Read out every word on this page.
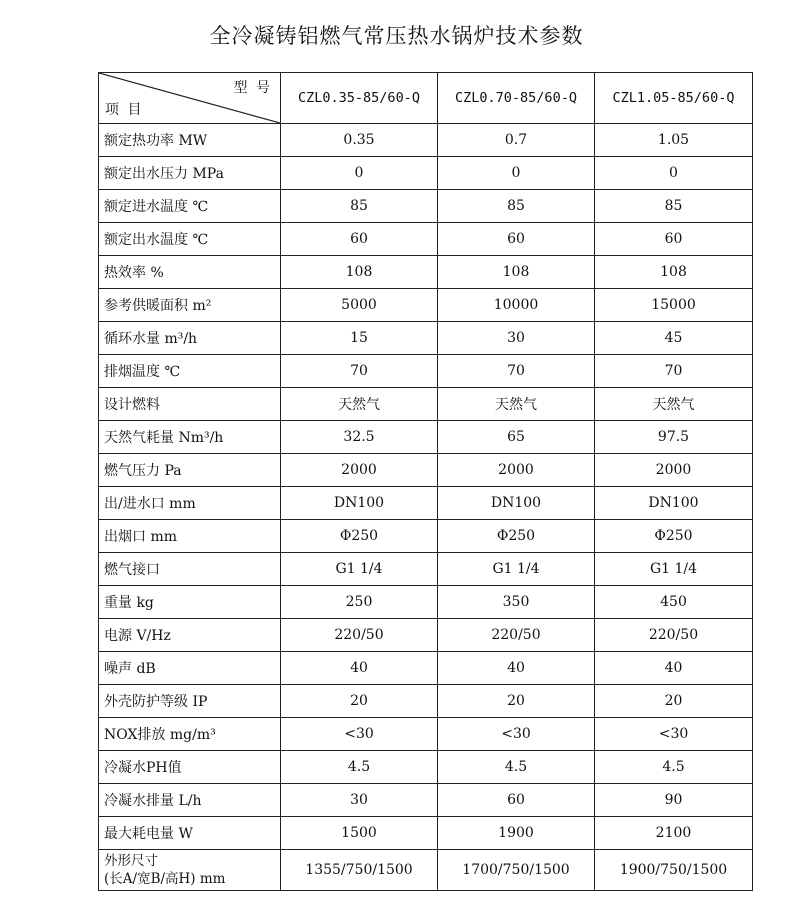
全冷凝铸铝燃气常压热水锅炉技术参数
型 号
项 目	CZL0.35-85/60-Q	CZL0.70-85/60-Q	CZL1.05-85/60-Q
额定热功率 MW	0.35	0.7	1.05
额定出水压力 MPa	0	0	0
额定进水温度 ℃	85	85	85
额定出水温度 ℃	60	60	60
热效率 %	108	108	108
参考供暖面积 m²	5000	10000	15000
循环水量 m³/h	15	30	45
排烟温度 ℃	70	70	70
设计燃料	天然气	天然气	天然气
天然气耗量 Nm³/h	32.5	65	97.5
燃气压力 Pa	2000	2000	2000
出/进水口 mm	DN100	DN100	DN100
出烟口 mm	Φ250	Φ250	Φ250
燃气接口	G1 1/4	G1 1/4	G1 1/4
重量 kg	250	350	450
电源 V/Hz	220/50	220/50	220/50
噪声 dB	40	40	40
外壳防护等级 IP	20	20	20
NOX排放 mg/m³	<30	<30	<30
冷凝水PH值	4.5	4.5	4.5
冷凝水排量 L/h	30	60	90
最大耗电量 W	1500	1900	2100
外形尺寸
(长A/宽B/高H) mm	1355/750/1500	1700/750/1500	1900/750/1500
